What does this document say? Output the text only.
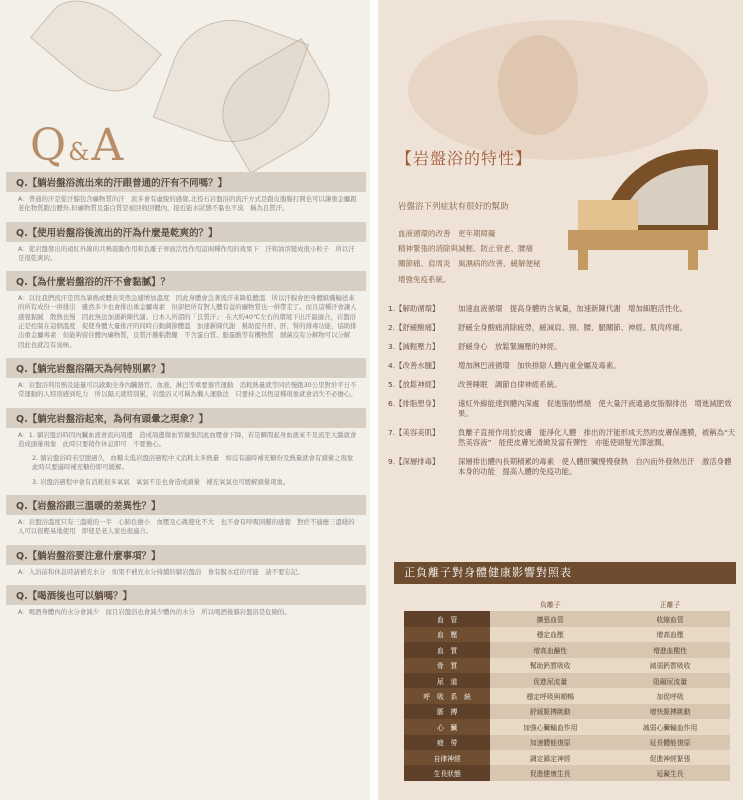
Q&A
Q.【躺岩盤浴流出來的汗跟普通的汗有不同嗎？】
A：普通的汗是從汗腺包含礦物質的汗　流多會有虛脫的感覺,北投石岩盤浴的流汗方式是跟皮脂腺打開也可以讓重金屬跟老化物質跑出體外,但礦物質及蛋白質是被回收回體內，接近能水狀態不黏也不臭　稱為良質汗。
Q.【使用岩盤浴後流出的汗為什麼是乾爽的？】
A：從岩盤發出的遠紅外線的共鳴震動作用和負離子界面活性作用這兩種作用的效果下　汗和油溶變成很小粒子　所以汗是很乾爽的。
Q.【為什麼岩盤浴的汗不會黏膩】？
A：以往我們流汗是因為暑熱或體表突然急遽增加溫度　因此身體會急著流汗來降低體溫　所以汗腺會把身體組織輸送來的所有成份一併排出　雖然多少也會排出重金屬毒素　但卻把所有對人體有益的礦物質也一併帶走了。而且這種汗會讓人感覺黏膩　散熱也慢　因此無法加速新陳代謝。日本人所謂的「良質汗」　在大約40℃左右的環境下出汗最適合，岩盤浴正是控制在這個溫度　促使身體大量排汗的同時自動調節體溫　加速新陳代謝　幫助提升肝、肝、腎的排毒功能，協助排出重金屬毒素　但能夠留住體內礦物質，良質汗難粘散鍵　不含蛋白質、脂蛋酸等有機物質　細菌沒有分解物可以分解　因此也就沒有臭味。
Q.【躺完岩盤浴隔天為何特別累？】
A：岩盤浴利用熱及能量可以啟動全身內臟器官、血液、淋巴等重要器官運動　消耗熱量就等同於慢跑30公里對於平日不常運動的人特別感到吃力　所以隔天就特別累，岩盤浴又可稱為懶人運動法　只要持之以恆這種現象就會消失不必擔心。
Q.【躺完岩盤浴起來，為何有頭暈之現象？】
A：1. 躺岩盤浴時因內臟血液會流向周邊　造成周邊微血管擴張因此血壓會下降，若是瞬間起身血液來不及流至大腦就會造成頭暈現象　此時只要稍作休息即可　不要擔心。
2. 躺岩盤浴時若空腹過久　血糖太低岩盤浴過程中又消耗太多熱量　如沒有適時補充糖份及熱量就會有頭暈之現象　此時只要適時補充糖份即可緩解。
3. 岩盤浴過程中會有消耗很多氧氣　氧氣不足也會造成頭暈　補充氧氣也可緩解頭暈現象。
Q.【岩盤浴跟三溫暖的差異性？】
A：岩盤浴溫度只有三溫暖的一半　心肺負擔小　血壓及心跳變化不大　也不會有呼吸困難的感覺　對於不適應三溫暖的人可以很輕易地使用　即使是老人家也很適合。
Q.【躺岩盤浴要注意什麼事項？】
A：入浴前和休息時請補充水分　如果不補充水分持續的躺岩盤浴　會有脫水症的可能　請不要忘記。
Q.【喝酒後也可以躺嗎？】
A：喝酒身體內的水分會減少　而且岩盤浴也會減少體內的水分　所以喝酒後躺岩盤浴是危險的。
【岩盤浴的特性】
岩盤浴下列症狀有很好的幫助
血液循環的改善　更年期障礙
精神緊張的消除與減輕、防止衰老、腰痛
關節痛、肩周炎　風濕病的改善、緩解便秘
增強免疫系統。
1.【解助循環】	加速血液循環　提高身體的含氧量，加速新陳代謝　增加細胞活性化。
2.【舒緩酸痛】	舒緩全身酸痛消除疲勞，緩減肩、頸、腰、腿關節、神經、肌肉疼痛。
3.【減輕壓力】	舒緩身心　放鬆緊繃壓的神經。
4.【改善水腫】	增加淋巴液循環　加快排除人體內重金屬及毒素。
5.【放鬆神經】	改善睡眠　調節自律神經系統。
6.【排脂塑身】	遠紅外線能達到體內深處　促進脂肪燃燒　使大量汗液通過皮脂腺排出　增進減肥效果。
7.【美容美肌】	負離子直接作用於皮膚　能淨化人體　排出的汗能形成天然的皮膚保護膜，被稱為“天然美容液”　能使皮膚光滑緻及富有彈性　亦能使頭髮光澤滋潤。
9.【深層排毒】	深層排出體內長期積累的毒素　使人體肝臟慢慢發熱　自內而外發熱出汗　激活身體本身的功能　提高人體的免疫功能。
正負離子對身體健康影響對照表
	負離子	正離子
血　管	擴張血管	收縮血管
血　壓	穩定血壓	增高血壓
血　質	增高血鹼性	增進血酸性
骨　質	幫助鈣質吸收	減弱鈣質吸收
尿　道	促進尿流量	阻礙尿流量
呼　吸　系　統	穩定呼吸與順暢	加促呼吸
脈　搏	舒緩脈搏跳動	增快脈搏跳動
心　臟	加強心臟輸血作用	減弱心臟輸血作用
疲　勞	加速體能復原	延長體能復原
自律神經	調定鎮定神經	促進神經緊張
生長狀態	促進健康生長	延礙生長
